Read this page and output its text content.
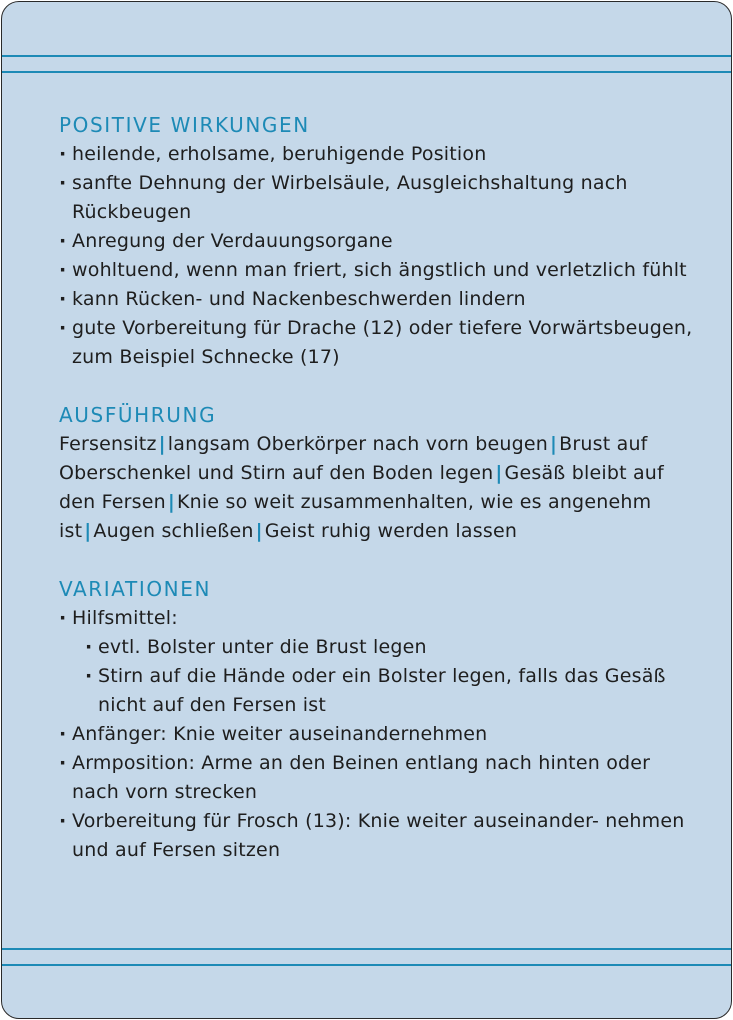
POSITIVE WIRKUNGEN
· heilende, erholsame, beruhigende Position
· sanfte Dehnung der Wirbelsäule, Ausgleichshaltung nach Rückbeugen
· Anregung der Verdauungsorgane
· wohltuend, wenn man friert, sich ängstlich und verletzlich fühlt
· kann Rücken- und Nackenbeschwerden lindern
· gute Vorbereitung für Drache (12) oder tiefere Vorwärtsbeugen, zum Beispiel Schnecke (17)
AUSFÜHRUNG
Fersensitz | langsam Oberkörper nach vorn beugen | Brust auf Oberschenkel und Stirn auf den Boden legen | Gesäß bleibt auf den Fersen | Knie so weit zusammenhalten, wie es angenehm ist | Augen schließen | Geist ruhig werden lassen
VARIATIONEN
· Hilfsmittel:
· evtl. Bolster unter die Brust legen
· Stirn auf die Hände oder ein Bolster legen, falls das Gesäß nicht auf den Fersen ist
· Anfänger: Knie weiter auseinandernehmen
· Armposition: Arme an den Beinen entlang nach hinten oder nach vorn strecken
· Vorbereitung für Frosch (13): Knie weiter auseinander- nehmen und auf Fersen sitzen
